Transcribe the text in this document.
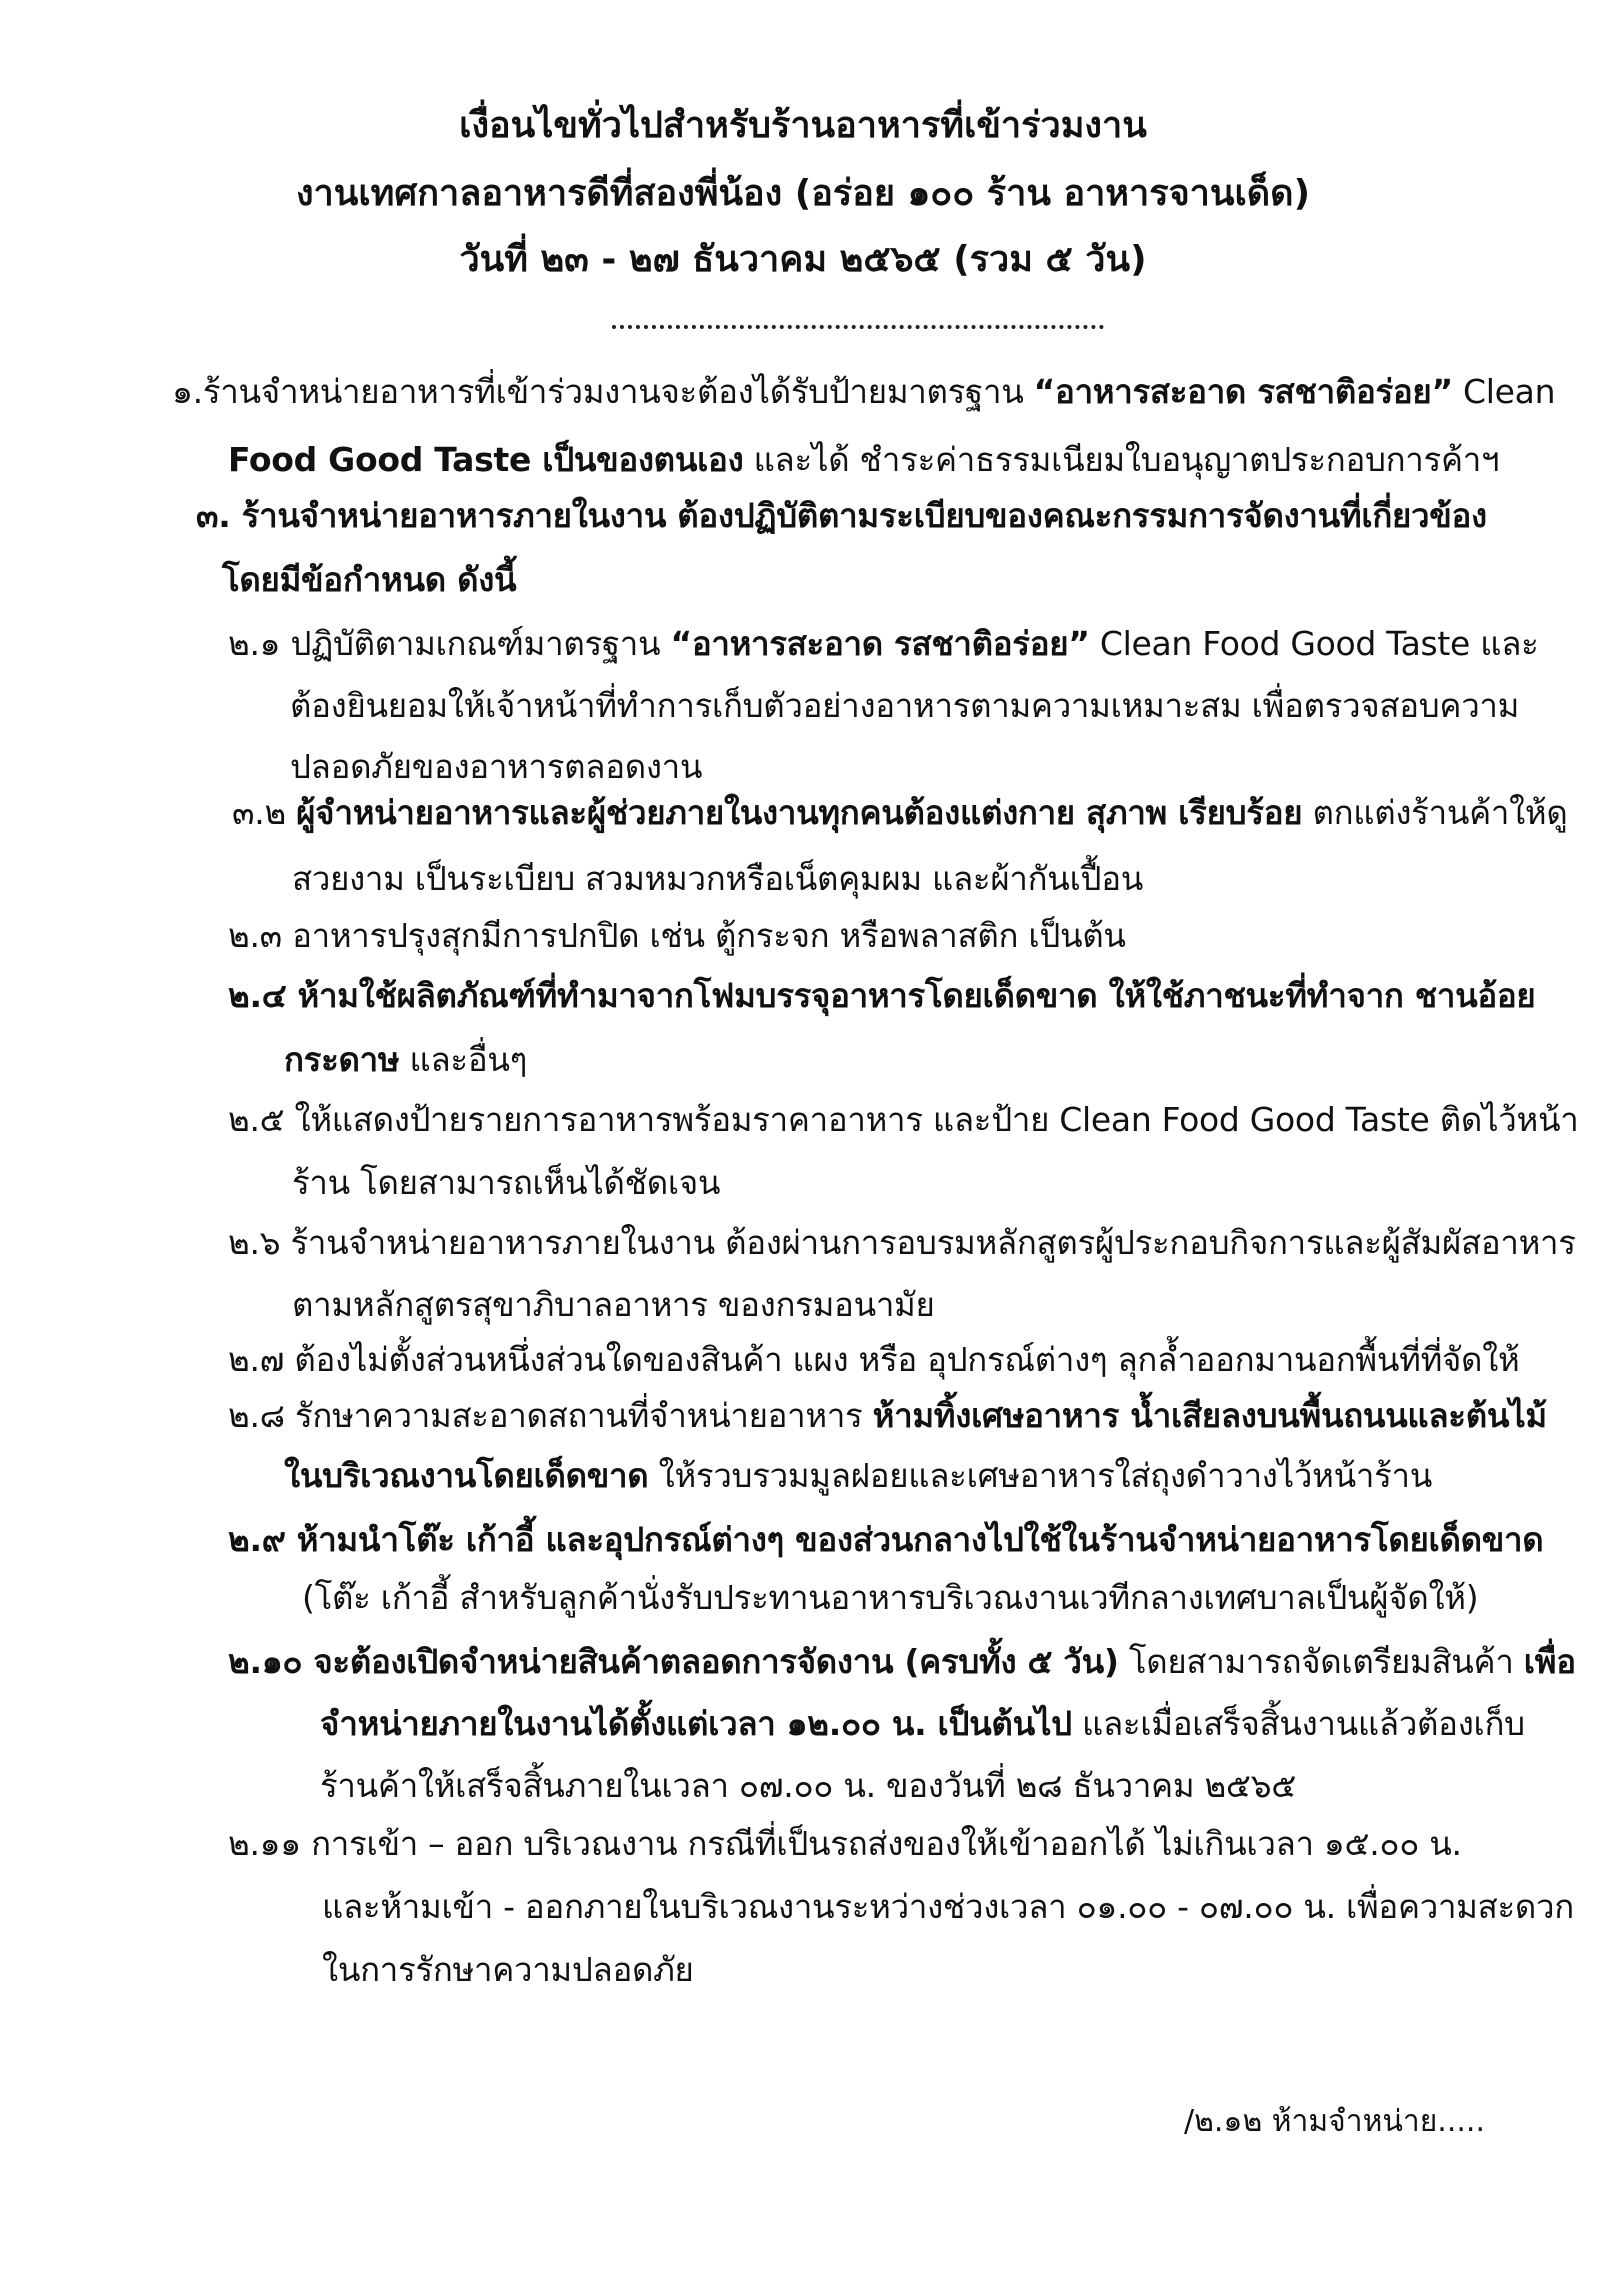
เงื่อนไขทั่วไปสำหรับร้านอาหารที่เข้าร่วมงาน
งานเทศกาลอาหารดีที่สองพี่น้อง (อร่อย ๑๐๐ ร้าน อาหารจานเด็ด)
วันที่ ๒๓ - ๒๗ ธันวาคม ๒๕๖๕ (รวม ๕ วัน)
๑.ร้านจำหน่ายอาหารที่เข้าร่วมงานจะต้องได้รับป้ายมาตรฐาน “อาหารสะอาด รสชาติอร่อย” Clean
Food Good Taste เป็นของตนเอง และได้ ชำระค่าธรรมเนียมใบอนุญาตประกอบการค้าฯ
๓. ร้านจำหน่ายอาหารภายในงาน ต้องปฏิบัติตามระเบียบของคณะกรรมการจัดงานที่เกี่ยวข้อง
โดยมีข้อกำหนด ดังนี้
๒.๑ ปฏิบัติตามเกณฑ์มาตรฐาน “อาหารสะอาด รสชาติอร่อย” Clean Food Good Taste และ
ต้องยินยอมให้เจ้าหน้าที่ทำการเก็บตัวอย่างอาหารตามความเหมาะสม เพื่อตรวจสอบความ
ปลอดภัยของอาหารตลอดงาน
๓.๒ ผู้จำหน่ายอาหารและผู้ช่วยภายในงานทุกคนต้องแต่งกาย สุภาพ เรียบร้อย ตกแต่งร้านค้าให้ดู
สวยงาม เป็นระเบียบ สวมหมวกหรือเน็ตคุมผม และผ้ากันเปื้อน
๒.๓ อาหารปรุงสุกมีการปกปิด เช่น ตู้กระจก หรือพลาสติก เป็นต้น
๒.๔ ห้ามใช้ผลิตภัณฑ์ที่ทำมาจากโฟมบรรจุอาหารโดยเด็ดขาด ให้ใช้ภาชนะที่ทำจาก ชานอ้อย
กระดาษ และอื่นๆ
๒.๕ ให้แสดงป้ายรายการอาหารพร้อมราคาอาหาร และป้าย Clean Food Good Taste ติดไว้หน้า
ร้าน โดยสามารถเห็นได้ชัดเจน
๒.๖ ร้านจำหน่ายอาหารภายในงาน ต้องผ่านการอบรมหลักสูตรผู้ประกอบกิจการและผู้สัมผัสอาหาร
ตามหลักสูตรสุขาภิบาลอาหาร ของกรมอนามัย
๒.๗ ต้องไม่ตั้งส่วนหนึ่งส่วนใดของสินค้า แผง หรือ อุปกรณ์ต่างๆ ลุกล้ำออกมานอกพื้นที่ที่จัดให้
๒.๘ รักษาความสะอาดสถานที่จำหน่ายอาหาร ห้ามทิ้งเศษอาหาร น้ำเสียลงบนพื้นถนนและต้นไม้
ในบริเวณงานโดยเด็ดขาด ให้รวบรวมมูลฝอยและเศษอาหารใส่ถุงดำวางไว้หน้าร้าน
๒.๙ ห้ามนำโต๊ะ เก้าอี้ และอุปกรณ์ต่างๆ ของส่วนกลางไปใช้ในร้านจำหน่ายอาหารโดยเด็ดขาด
(โต๊ะ เก้าอี้ สำหรับลูกค้านั่งรับประทานอาหารบริเวณงานเวทีกลางเทศบาลเป็นผู้จัดให้)
๒.๑๐ จะต้องเปิดจำหน่ายสินค้าตลอดการจัดงาน (ครบทั้ง ๕ วัน) โดยสามารถจัดเตรียมสินค้า เพื่อ
จำหน่ายภายในงานได้ตั้งแต่เวลา ๑๒.๐๐ น. เป็นต้นไป และเมื่อเสร็จสิ้นงานแล้วต้องเก็บ
ร้านค้าให้เสร็จสิ้นภายในเวลา ๐๗.๐๐ น. ของวันที่ ๒๘ ธันวาคม ๒๕๖๕
๒.๑๑ การเข้า – ออก บริเวณงาน กรณีที่เป็นรถส่งของให้เข้าออกได้ ไม่เกินเวลา ๑๕.๐๐ น.
และห้ามเข้า - ออกภายในบริเวณงานระหว่างช่วงเวลา ๐๑.๐๐ - ๐๗.๐๐ น. เพื่อความสะดวก
ในการรักษาความปลอดภัย
/๒.๑๒ ห้ามจำหน่าย.....
